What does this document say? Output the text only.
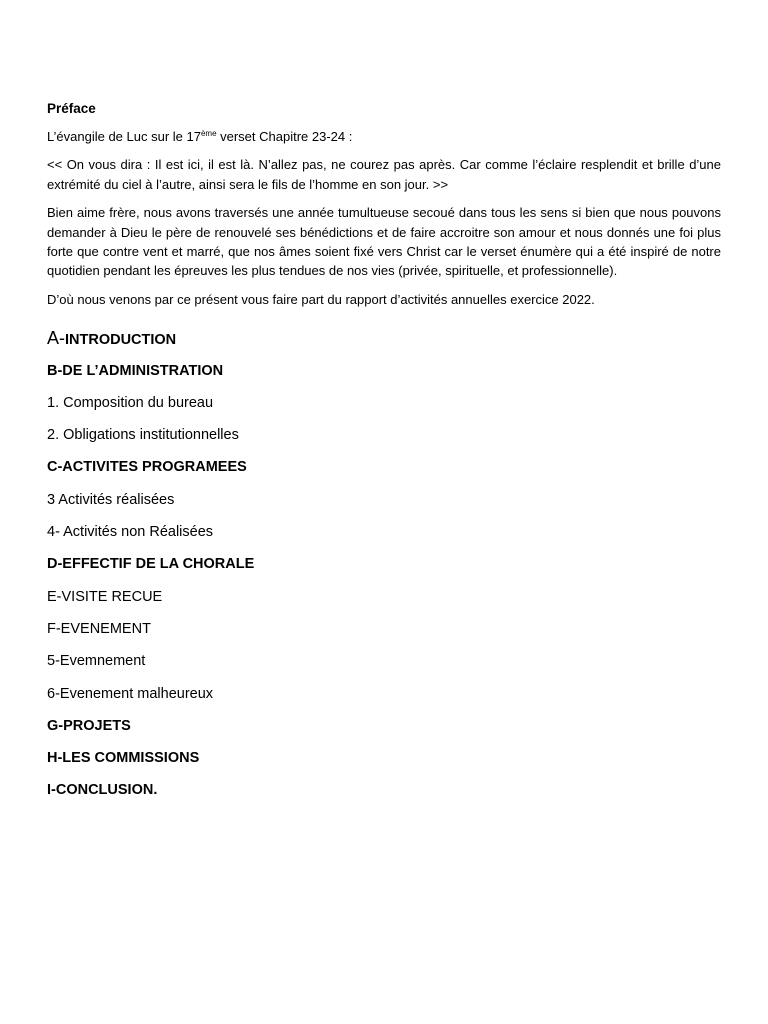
Préface

L’évangile de Luc sur le 17ème verset Chapitre 23-24 :

<< On vous dira : Il est ici, il est là. N’allez pas, ne courez pas après. Car comme l’éclaire resplendit et brille d’une extrémité du ciel à l’autre, ainsi sera le fils de l’homme en son jour. >>

Bien aime frère, nous avons traversés une année tumultueuse secoué dans tous les sens si bien que nous pouvons demander à Dieu le père de renouvelé ses bénédictions et de faire accroitre son amour et nous donnés une foi plus forte que contre vent et marré, que nos âmes soient fixé vers Christ car le verset énumère qui a été inspiré de notre quotidien pendant les épreuves les plus tendues de nos vies (privée, spirituelle, et professionnelle).

D’où nous venons par ce présent vous faire part du rapport d’activités annuelles exercice 2022.

A-INTRODUCTION
B-DE L’ADMINISTRATION
1. Composition du bureau
2. Obligations institutionnelles
C-ACTIVITES PROGRAMEES
3 Activités réalisées
4- Activités non Réalisées
D-EFFECTIF DE LA CHORALE
E-VISITE RECUE
F-EVENEMENT
5-Evemnement
6-Evenement malheureux
G-PROJETS
H-LES COMMISSIONS
I-CONCLUSION.
